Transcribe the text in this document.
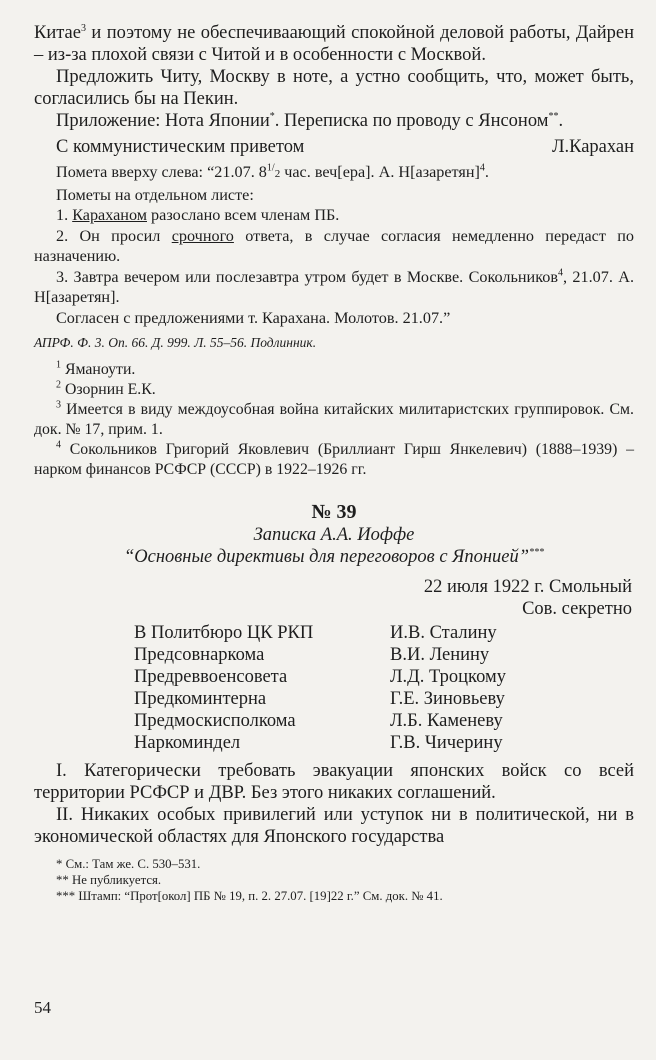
Китае$^3$ и поэтому не обеспечиваающий спокойной деловой работы, Дайрен – из-за плохой связи с Читой и в особенности с Москвой.

Предложить Читу, Москву в ноте, а устно сообщить, что, может быть, согласились бы на Пекин.

Приложение: Нота Японии*. Переписка по проводу с Янсоном**.

С коммунистическим приветом	Л.Карахан

Помета вверху слева: “21.07. $8^{1/}2$ час. веч[ера]. А. Н[азаретян]$^4$.

Пометы на отдельном листе:

1. Караханом разослано всем членам ПБ.

2. Он просил срочного ответа, в случае согласия немедленно передаст по назначению.

3. Завтра вечером или послезавтра утром будет в Москве. Сокольников$^4$, 21.07. А. Н[азаретян].

Согласен с предложениями т. Карахана. Молотов. 21.07.”

АПРФ. Ф. 3. Оп. 66. Д. 999. Л. 55–56. Подлинник.

$^1$ Яманоути.

$^2$ Озорнин Е.К.

$^3$ Имеется в виду междоусобная война китайских милитаристских группировок. См. док. № 17, прим. 1.

$^4$ Сокольников Григорий Яковлевич (Бриллиант Гирш Янкелевич) (1888–1939) – нарком финансов РСФСР (СССР) в 1922–1926 гг.

№ 39
Записка А.А. Иоффе
“Основные директивы для переговоров с Японией”***
22 июля 1922 г. Смольный
Сов. секретно
В Политбюро ЦК РКП	И.В. Сталину
Предсовнаркома	В.И. Ленину
Предреввоенсовета	Л.Д. Троцкому
Предкоминтерна	Г.Е. Зиновьеву
Предмоскисполкома	Л.Б. Каменеву
Наркоминдел	Г.В. Чичерину

I. Категорически требовать эвакуации японских войск со всей территории РСФСР и ДВР. Без этого никаких соглашений.

II. Никаких особых привилегий или уступок ни в политической, ни в экономической областях для Японского государства

* См.: Там же. С. 530–531.
** Не публикуется.
*** Штамп: “Прот[окол] ПБ № 19, п. 2. 27.07. [19]22 г.” См. док. № 41.
54
